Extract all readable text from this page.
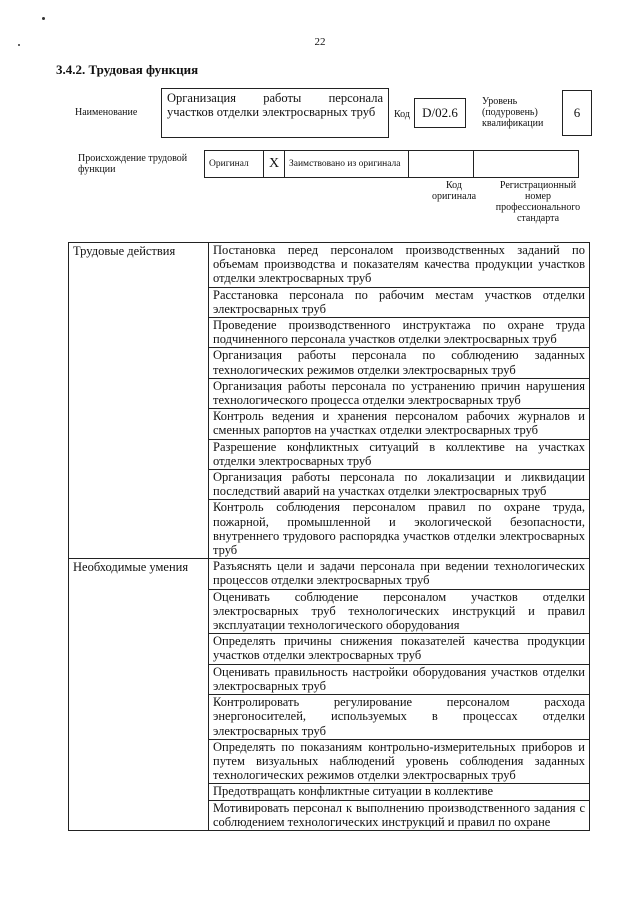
22
3.4.2. Трудовая функция
Наименование
Организация работы персонала участков отделки электросварных труб	Код D/02.6
Уровень (подуровень) квалификации
6
Происхождение трудовой функции	Оригинал	X	Заимствовано из оригинала		
Код оригинала
Регистрационный номер профессионального стандарта
Трудовые действия	Постановка перед персоналом производственных заданий по объемам производства и показателям качества продукции участков отделки электросварных труб
	Расстановка персонала по рабочим местам участков отделки электросварных труб
	Проведение производственного инструктажа по охране труда подчиненного персонала участков отделки электросварных труб
	Организация работы персонала по соблюдению заданных технологических режимов отделки электросварных труб
	Организация работы персонала по устранению причин нарушения технологического процесса отделки электросварных труб
	Контроль ведения и хранения персоналом рабочих журналов и сменных рапортов на участках отделки электросварных труб
	Разрешение конфликтных ситуаций в коллективе на участках отделки электросварных труб
	Организация работы персонала по локализации и ликвидации последствий аварий на участках отделки электросварных труб
	Контроль соблюдения персоналом правил по охране труда, пожарной, промышленной и экологической безопасности, внутреннего трудового распорядка участков отделки электросварных труб
Необходимые умения	Разъяснять цели и задачи персонала при ведении технологических процессов отделки электросварных труб
	Оценивать соблюдение персоналом участков отделки электросварных труб технологических инструкций и правил эксплуатации технологического оборудования
	Определять причины снижения показателей качества продукции участков отделки электросварных труб
	Оценивать правильность настройки оборудования участков отделки электросварных труб
	Контролировать регулирование персоналом расхода энергоносителей, используемых в процессах отделки электросварных труб
	Определять по показаниям контрольно-измерительных приборов и путем визуальных наблюдений уровень соблюдения заданных технологических режимов отделки электросварных труб
	Предотвращать конфликтные ситуации в коллективе
	Мотивировать персонал к выполнению производственного задания с соблюдением технологических инструкций и правил по охране
